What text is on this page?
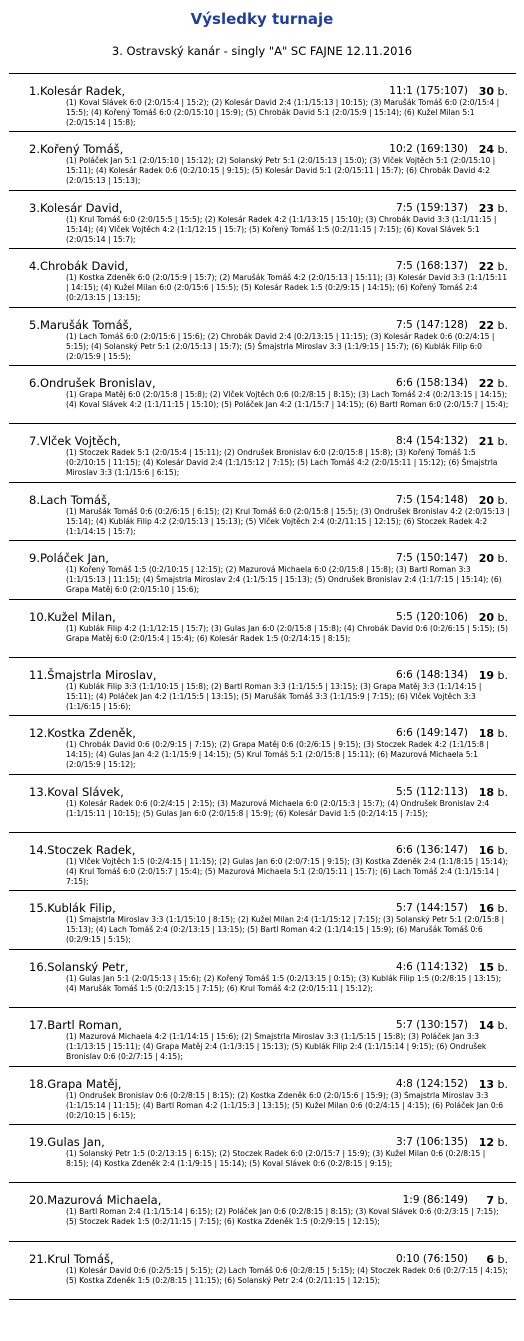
Výsledky turnaje
3. Ostravský kanár - singly "A" SC FAJNE 12.11.2016
1.Kolesár Radek,	11:1 (175:107) 30 b.
(1) Koval Slávek 6:0 (2:0/15:4 | 15:2); (2) Kolesár David 2:4 (1:1/15:13 | 10:15); (3) Marušák Tomáš 6:0 (2:0/15:4 | 15:5); (4) Kořený Tomáš 6:0 (2:0/15:10 | 15:9); (5) Chrobák David 5:1 (2:0/15:9 | 15:14); (6) Kužel Milan 5:1 (2:0/15:14 | 15:8);
2.Kořený Tomáš,	10:2 (169:130) 24 b.
(1) Poláček Jan 5:1 (2:0/15:10 | 15:12); (2) Solanský Petr 5:1 (2:0/15:13 | 15:0); (3) Vlček Vojtěch 5:1 (2:0/15:10 | 15:11); (4) Kolesár Radek 0:6 (0:2/10:15 | 9:15); (5) Kolesár David 5:1 (2:0/15:11 | 15:7); (6) Chrobák David 4:2 (2:0/15:13 | 15:13);
3.Kolesár David,	7:5 (159:137) 23 b.
(1) Krul Tomáš 6:0 (2:0/15:5 | 15:5); (2) Kolesár Radek 4:2 (1:1/13:15 | 15:10); (3) Chrobák David 3:3 (1:1/11:15 | 15:14); (4) Vlček Vojtěch 4:2 (1:1/12:15 | 15:7); (5) Kořený Tomáš 1:5 (0:2/11:15 | 7:15); (6) Koval Slávek 5:1 (2:0/15:14 | 15:7);
4.Chrobák David,	7:5 (168:137) 22 b.
(1) Kostka Zdeněk 6:0 (2:0/15:9 | 15:7); (2) Marušák Tomáš 4:2 (2:0/15:13 | 15:11); (3) Kolesár David 3:3 (1:1/15:11 | 14:15); (4) Kužel Milan 6:0 (2:0/15:6 | 15:5); (5) Kolesár Radek 1:5 (0:2/9:15 | 14:15); (6) Kořený Tomáš 2:4 (0:2/13:15 | 13:15);
5.Marušák Tomáš,	7:5 (147:128) 22 b.
(1) Lach Tomáš 6:0 (2:0/15:6 | 15:6); (2) Chrobák David 2:4 (0:2/13:15 | 11:15); (3) Kolesár Radek 0:6 (0:2/4:15 | 5:15); (4) Solanský Petr 5:1 (2:0/15:13 | 15:7); (5) Šmajstrla Miroslav 3:3 (1:1/9:15 | 15:7); (6) Kublák Filip 6:0 (2:0/15:9 | 15:5);
6.Ondrušek Bronislav,	6:6 (158:134) 22 b.
(1) Grapa Matěj 6:0 (2:0/15:8 | 15:8); (2) Vlček Vojtěch 0:6 (0:2/8:15 | 8:15); (3) Lach Tomáš 2:4 (0:2/13:15 | 14:15); (4) Koval Slávek 4:2 (1:1/11:15 | 15:10); (5) Poláček Jan 4:2 (1:1/15:7 | 14:15); (6) Bartl Roman 6:0 (2:0/15:7 | 15:4);
7.Vlček Vojtěch,	8:4 (154:132) 21 b.
(1) Stoczek Radek 5:1 (2:0/15:4 | 15:11); (2) Ondrušek Bronislav 6:0 (2:0/15:8 | 15:8); (3) Kořený Tomáš 1:5 (0:2/10:15 | 11:15); (4) Kolesár David 2:4 (1:1/15:12 | 7:15); (5) Lach Tomáš 4:2 (2:0/15:11 | 15:12); (6) Šmajstrla Miroslav 3:3 (1:1/15:6 | 6:15);
8.Lach Tomáš,	7:5 (154:148) 20 b.
(1) Marušák Tomáš 0:6 (0:2/6:15 | 6:15); (2) Krul Tomáš 6:0 (2:0/15:8 | 15:5); (3) Ondrušek Bronislav 4:2 (2:0/15:13 | 15:14); (4) Kublák Filip 4:2 (2:0/15:13 | 15:13); (5) Vlček Vojtěch 2:4 (0:2/11:15 | 12:15); (6) Stoczek Radek 4:2 (1:1/14:15 | 15:7);
9.Poláček Jan,	7:5 (150:147) 20 b.
(1) Kořený Tomáš 1:5 (0:2/10:15 | 12:15); (2) Mazurová Michaela 6:0 (2:0/15:8 | 15:8); (3) Bartl Roman 3:3 (1:1/15:13 | 11:15); (4) Šmajstrla Miroslav 2:4 (1:1/5:15 | 15:13); (5) Ondrušek Bronislav 2:4 (1:1/7:15 | 15:14); (6) Grapa Matěj 6:0 (2:0/15:10 | 15:6);
10.Kužel Milan,	5:5 (120:106) 20 b.
(1) Kublák Filip 4:2 (1:1/12:15 | 15:7); (3) Gulas Jan 6:0 (2:0/15:8 | 15:8); (4) Chrobák David 0:6 (0:2/6:15 | 5:15); (5) Grapa Matěj 6:0 (2:0/15:4 | 15:4); (6) Kolesár Radek 1:5 (0:2/14:15 | 8:15);
11.Šmajstrla Miroslav,	6:6 (148:134) 19 b.
(1) Kublák Filip 3:3 (1:1/10:15 | 15:8); (2) Bartl Roman 3:3 (1:1/15:5 | 13:15); (3) Grapa Matěj 3:3 (1:1/14:15 | 15:11); (4) Poláček Jan 4:2 (1:1/15:5 | 13:15); (5) Marušák Tomáš 3:3 (1:1/15:9 | 7:15); (6) Vlček Vojtěch 3:3 (1:1/6:15 | 15:6);
12.Kostka Zdeněk,	6:6 (149:147) 18 b.
(1) Chrobák David 0:6 (0:2/9:15 | 7:15); (2) Grapa Matěj 0:6 (0:2/6:15 | 9:15); (3) Stoczek Radek 4:2 (1:1/15:8 | 14:15); (4) Gulas Jan 4:2 (1:1/15:9 | 14:15); (5) Krul Tomáš 5:1 (2:0/15:8 | 15:11); (6) Mazurová Michaela 5:1 (2:0/15:9 | 15:12);
13.Koval Slávek,	5:5 (112:113) 18 b.
(1) Kolesár Radek 0:6 (0:2/4:15 | 2:15); (3) Mazurová Michaela 6:0 (2:0/15:3 | 15:7); (4) Ondrušek Bronislav 2:4 (1:1/15:11 | 10:15); (5) Gulas Jan 6:0 (2:0/15:8 | 15:9); (6) Kolesár David 1:5 (0:2/14:15 | 7:15);
14.Stoczek Radek,	6:6 (136:147) 16 b.
(1) Vlček Vojtěch 1:5 (0:2/4:15 | 11:15); (2) Gulas Jan 6:0 (2:0/7:15 | 9:15); (3) Kostka Zdeněk 2:4 (1:1/8:15 | 15:14); (4) Krul Tomáš 6:0 (2:0/15:7 | 15:4); (5) Mazurová Michaela 5:1 (2:0/15:11 | 15:7); (6) Lach Tomáš 2:4 (1:1/15:14 | 7:15);
15.Kublák Filip,	5:7 (144:157) 16 b.
(1) Šmajstrla Miroslav 3:3 (1:1/15:10 | 8:15); (2) Kužel Milan 2:4 (1:1/15:12 | 7:15); (3) Solanský Petr 5:1 (2:0/15:8 | 15:13); (4) Lach Tomáš 2:4 (0:2/13:15 | 13:15); (5) Bartl Roman 4:2 (1:1/14:15 | 15:9); (6) Marušák Tomáš 0:6 (0:2/9:15 | 5:15);
16.Solanský Petr,	4:6 (114:132) 15 b.
(1) Gulas Jan 5:1 (2:0/15:13 | 15:6); (2) Kořený Tomáš 1:5 (0:2/13:15 | 0:15); (3) Kublák Filip 1:5 (0:2/8:15 | 13:15); (4) Marušák Tomáš 1:5 (0:2/13:15 | 7:15); (6) Krul Tomáš 4:2 (2:0/15:11 | 15:12);
17.Bartl Roman,	5:7 (130:157) 14 b.
(1) Mazurová Michaela 4:2 (1:1/14:15 | 15:6); (2) Šmajstrla Miroslav 3:3 (1:1/5:15 | 15:8); (3) Poláček Jan 3:3 (1:1/13:15 | 15:11); (4) Grapa Matěj 2:4 (1:1/3:15 | 15:13); (5) Kublák Filip 2:4 (1:1/15:14 | 9:15); (6) Ondrušek Bronislav 0:6 (0:2/7:15 | 4:15);
18.Grapa Matěj,	4:8 (124:152) 13 b.
(1) Ondrušek Bronislav 0:6 (0:2/8:15 | 8:15); (2) Kostka Zdeněk 6:0 (2:0/15:6 | 15:9); (3) Šmajstrla Miroslav 3:3 (1:1/15:14 | 11:15); (4) Bartl Roman 4:2 (1:1/15:3 | 13:15); (5) Kužel Milan 0:6 (0:2/4:15 | 4:15); (6) Poláček Jan 0:6 (0:2/10:15 | 6:15);
19.Gulas Jan,	3:7 (106:135) 12 b.
(1) Solanský Petr 1:5 (0:2/13:15 | 6:15); (2) Stoczek Radek 6:0 (2:0/15:7 | 15:9); (3) Kužel Milan 0:6 (0:2/8:15 | 8:15); (4) Kostka Zdeněk 2:4 (1:1/9:15 | 15:14); (5) Koval Slávek 0:6 (0:2/8:15 | 9:15);
20.Mazurová Michaela,	1:9 (86:149) 7 b.
(1) Bartl Roman 2:4 (1:1/15:14 | 6:15); (2) Poláček Jan 0:6 (0:2/8:15 | 8:15); (3) Koval Slávek 0:6 (0:2/3:15 | 7:15); (5) Stoczek Radek 1:5 (0:2/11:15 | 7:15); (6) Kostka Zdeněk 1:5 (0:2/9:15 | 12:15);
21.Krul Tomáš,	0:10 (76:150) 6 b.
(1) Kolesár David 0:6 (0:2/5:15 | 5:15); (2) Lach Tomáš 0:6 (0:2/8:15 | 5:15); (4) Stoczek Radek 0:6 (0:2/7:15 | 4:15); (5) Kostka Zdeněk 1:5 (0:2/8:15 | 11:15); (6) Solanský Petr 2:4 (0:2/11:15 | 12:15);
